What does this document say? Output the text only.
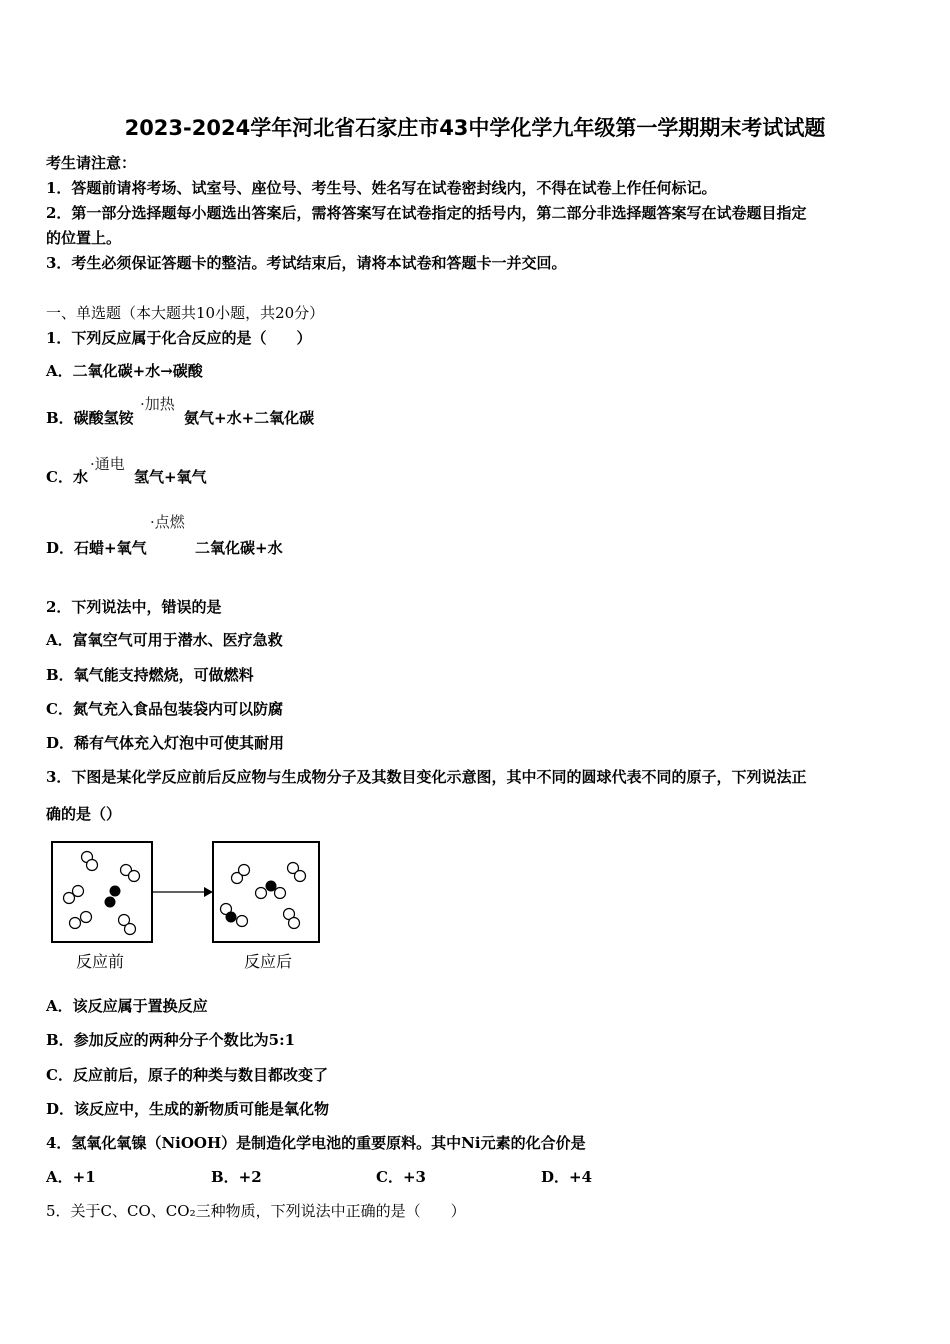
2023-2024学年河北省石家庄市43中学化学九年级第一学期期末考试试题
考生请注意：
1．答题前请将考场、试室号、座位号、考生号、姓名写在试卷密封线内，不得在试卷上作任何标记。
2．第一部分选择题每小题选出答案后，需将答案写在试卷指定的括号内，第二部分非选择题答案写在试卷题目指定
的位置上。
3．考生必须保证答题卡的整洁。考试结束后，请将本试卷和答题卡一并交回。
一、单选题（本大题共10小题，共20分）
1．下列反应属于化合反应的是（　　）
A．二氧化碳+水→碳酸
B．碳酸氢铵
·加热
氨气+水+二氧化碳
C．水
·通电
氢气+氧气
·点燃
D．石蜡+氧气	二氧化碳+水
2．下列说法中，错误的是
A．富氧空气可用于潜水、医疗急救
B．氧气能支持燃烧，可做燃料
C．氮气充入食品包装袋内可以防腐
D．稀有气体充入灯泡中可使其耐用
3．下图是某化学反应前后反应物与生成物分子及其数目变化示意图，其中不同的圆球代表不同的原子，下列说法正
确的是（）
反应前	反应后
A．该反应属于置换反应
B．参加反应的两种分子个数比为5:1
C．反应前后，原子的种类与数目都改变了
D．该反应中，生成的新物质可能是氧化物
4．氢氧化氧镍（NiOOH）是制造化学电池的重要原料。其中Ni元素的化合价是
A．+1	B．+2	C．+3	D．+4
5．关于C、CO、CO₂三种物质，下列说法中正确的是（　　）
